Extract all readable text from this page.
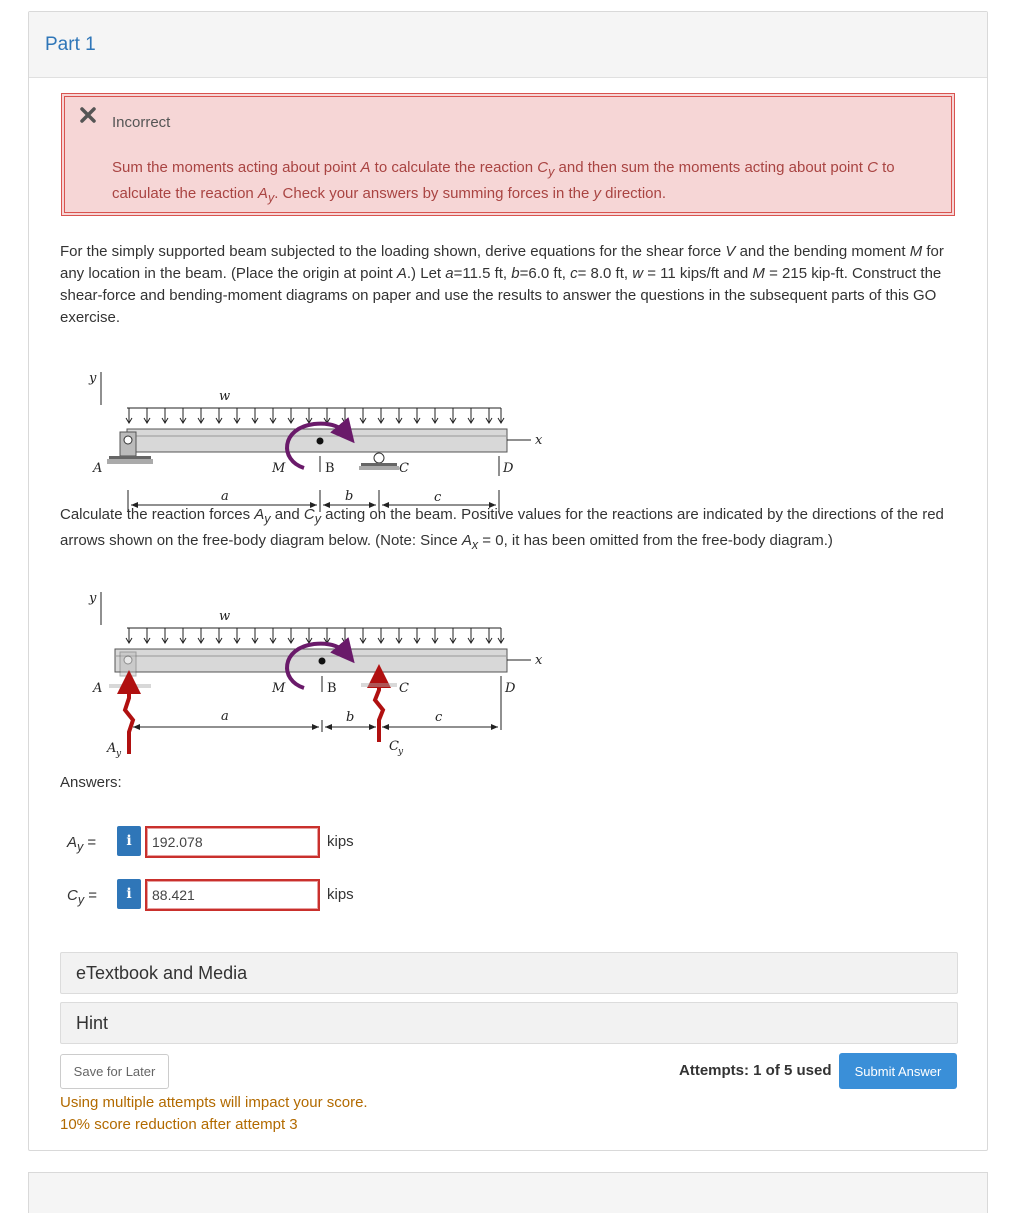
Part 1
Incorrect
Sum the moments acting about point A to calculate the reaction $C_y$ and then sum the moments acting about point C to calculate the reaction $A_y$. Check your answers by summing forces in the y direction.
For the simply supported beam subjected to the loading shown, derive equations for the shear force V and the bending moment M for any location in the beam. (Place the origin at point A.) Let a=11.5 ft, b=6.0 ft, c= 8.0 ft, w = 11 kips/ft and M = 215 kip-ft. Construct the shear-force and bending-moment diagrams on paper and use the results to answer the questions in the subsequent parts of this GO exercise.
y
w
x
A	M	B	C	D
a	b	c
Calculate the reaction forces $A_y$ and $C_y$ acting on the beam. Positive values for the reactions are indicated by the directions of the red arrows shown on the free-body diagram below. (Note: Since $A_x = 0$, it has been omitted from the free-body diagram.)
y
w
x
A
A y
M	B	C
C y
D
a	b	c
Answers:
$A_y$ =	i
192.078	kips
$C_y$ =	i
88.421	kips
eTextbook and Media
Hint
Save for Later	Attempts: 1 of 5 used	Submit Answer
Using multiple attempts will impact your score.
10% score reduction after attempt 3
